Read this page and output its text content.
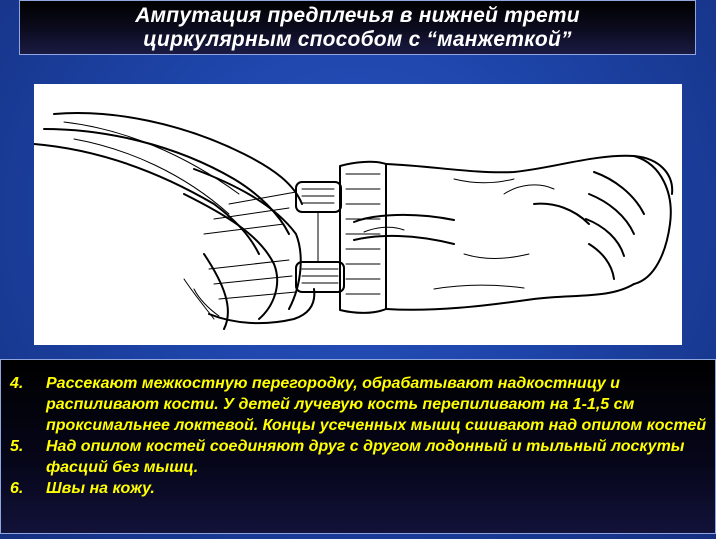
Ампутация предплечья в нижней трети
циркулярным способом с “манжеткой”
4.	Рассекают межкостную перегородку, обрабатывают надкостницу и распиливают кости. У детей лучевую кость перепиливают на 1-1,5 см проксимальнее локтевой. Концы усеченных мышц сшивают над опилом костей
5.	Над опилом костей соединяют друг с другом лодонный и тыльный лоскуты фасций без мышц.
6.	Швы на кожу.
